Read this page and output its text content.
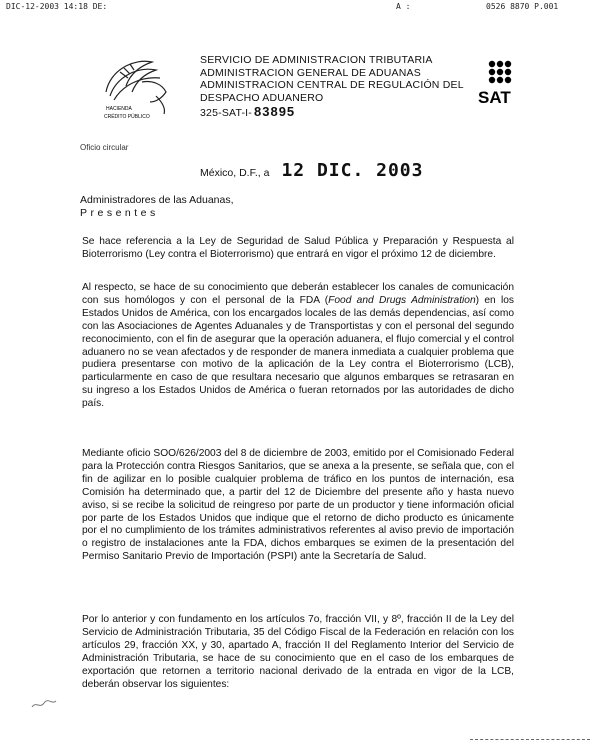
DIC-12-2003 14:18 DE:	A :	0526 8870 P.001
HACIENDA
CRÉDITO PÚBLICO
SERVICIO DE ADMINISTRACION TRIBUTARIA
ADMINISTRACION GENERAL DE ADUANAS
ADMINISTRACION CENTRAL DE REGULACIÓN DEL
DESPACHO ADUANERO
325-SAT-I- 83895
SAT
Oficio circular
México, D.F., a 12 DIC. 2003
Administradores de las Aduanas,
Presentes

Se hace referencia a la Ley de Seguridad de Salud Pública y Preparación y Respuesta al Bioterrorismo (Ley contra el Bioterrorismo) que entrará en vigor el próximo 12 de diciembre.

Al respecto, se hace de su conocimiento que deberán establecer los canales de comunicación con sus homólogos y con el personal de la FDA (Food and Drugs Administration) en los Estados Unidos de América, con los encargados locales de las demás dependencias, así como con las Asociaciones de Agentes Aduanales y de Transportistas y con el personal del segundo reconocimiento, con el fin de asegurar que la operación aduanera, el flujo comercial y el control aduanero no se vean afectados y de responder de manera inmediata a cualquier problema que pudiera presentarse con motivo de la aplicación de la Ley contra el Bioterrorismo (LCB), particularmente en caso de que resultara necesario que algunos embarques se retrasaran en su ingreso a los Estados Unidos de América o fueran retornados por las autoridades de dicho país.

Mediante oficio SOO/626/2003 del 8 de diciembre de 2003, emitido por el Comisionado Federal para la Protección contra Riesgos Sanitarios, que se anexa a la presente, se señala que, con el fin de agilizar en lo posible cualquier problema de tráfico en los puntos de internación, esa Comisión ha determinado que, a partir del 12 de Diciembre del presente año y hasta nuevo aviso, si se recibe la solicitud de reingreso por parte de un productor y tiene información oficial por parte de los Estados Unidos que indique que el retorno de dicho producto es únicamente por el no cumplimiento de los trámites administrativos referentes al aviso previo de importación o registro de instalaciones ante la FDA, dichos embarques se eximen de la presentación del Permiso Sanitario Previo de Importación (PSPI) ante la Secretaría de Salud.

Por lo anterior y con fundamento en los artículos 7o, fracción VII, y 8º, fracción II de la Ley del Servicio de Administración Tributaria, 35 del Código Fiscal de la Federación en relación con los artículos 29, fracción XX, y 30, apartado A, fracción II del Reglamento Interior del Servicio de Administración Tributaria, se hace de su conocimiento que en el caso de los embarques de exportación que retornen a territorio nacional derivado de la entrada en vigor de la LCB, deberán observar los siguientes:
